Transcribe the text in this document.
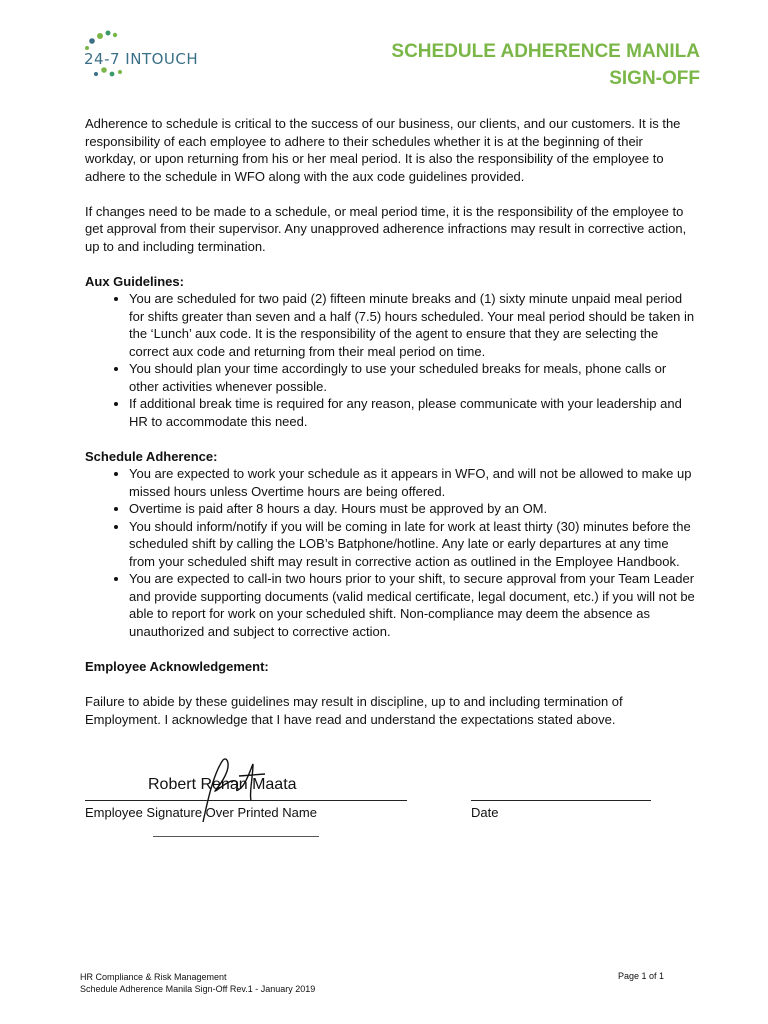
24-7 INTOUCH	SCHEDULE ADHERENCE MANILA
SIGN-OFF

Adherence to schedule is critical to the success of our business, our clients, and our customers. It is the responsibility of each employee to adhere to their schedules whether it is at the beginning of their workday, or upon returning from his or her meal period. It is also the responsibility of the employee to adhere to the schedule in WFO along with the aux code guidelines provided.

If changes need to be made to a schedule, or meal period time, it is the responsibility of the employee to get approval from their supervisor. Any unapproved adherence infractions may result in corrective action, up to and including termination.

Aux Guidelines:
• You are scheduled for two paid (2) fifteen minute breaks and (1) sixty minute unpaid meal period for shifts greater than seven and a half (7.5) hours scheduled. Your meal period should be taken in the ‘Lunch’ aux code. It is the responsibility of the agent to ensure that they are selecting the correct aux code and returning from their meal period on time.
• You should plan your time accordingly to use your scheduled breaks for meals, phone calls or other activities whenever possible.
• If additional break time is required for any reason, please communicate with your leadership and HR to accommodate this need.
Schedule Adherence:
• You are expected to work your schedule as it appears in WFO, and will not be allowed to make up missed hours unless Overtime hours are being offered.
• Overtime is paid after 8 hours a day. Hours must be approved by an OM.
• You should inform/notify if you will be coming in late for work at least thirty (30) minutes before the scheduled shift by calling the LOB’s Batphone/hotline. Any late or early departures at any time from your scheduled shift may result in corrective action as outlined in the Employee Handbook.
• You are expected to call-in two hours prior to your shift, to secure approval from your Team Leader and provide supporting documents (valid medical certificate, legal document, etc.) if you will not be able to report for work on your scheduled shift. Non-compliance may deem the absence as unauthorized and subject to corrective action.
Employee Acknowledgement:

Failure to abide by these guidelines may result in discipline, up to and including termination of Employment. I acknowledge that I have read and understand the expectations stated above.

Robert Renan Maata
Employee Signature Over Printed Name	Date
HR Compliance & Risk Management
Schedule Adherence Manila Sign-Off Rev.1 - January 2019
Page 1 of 1
